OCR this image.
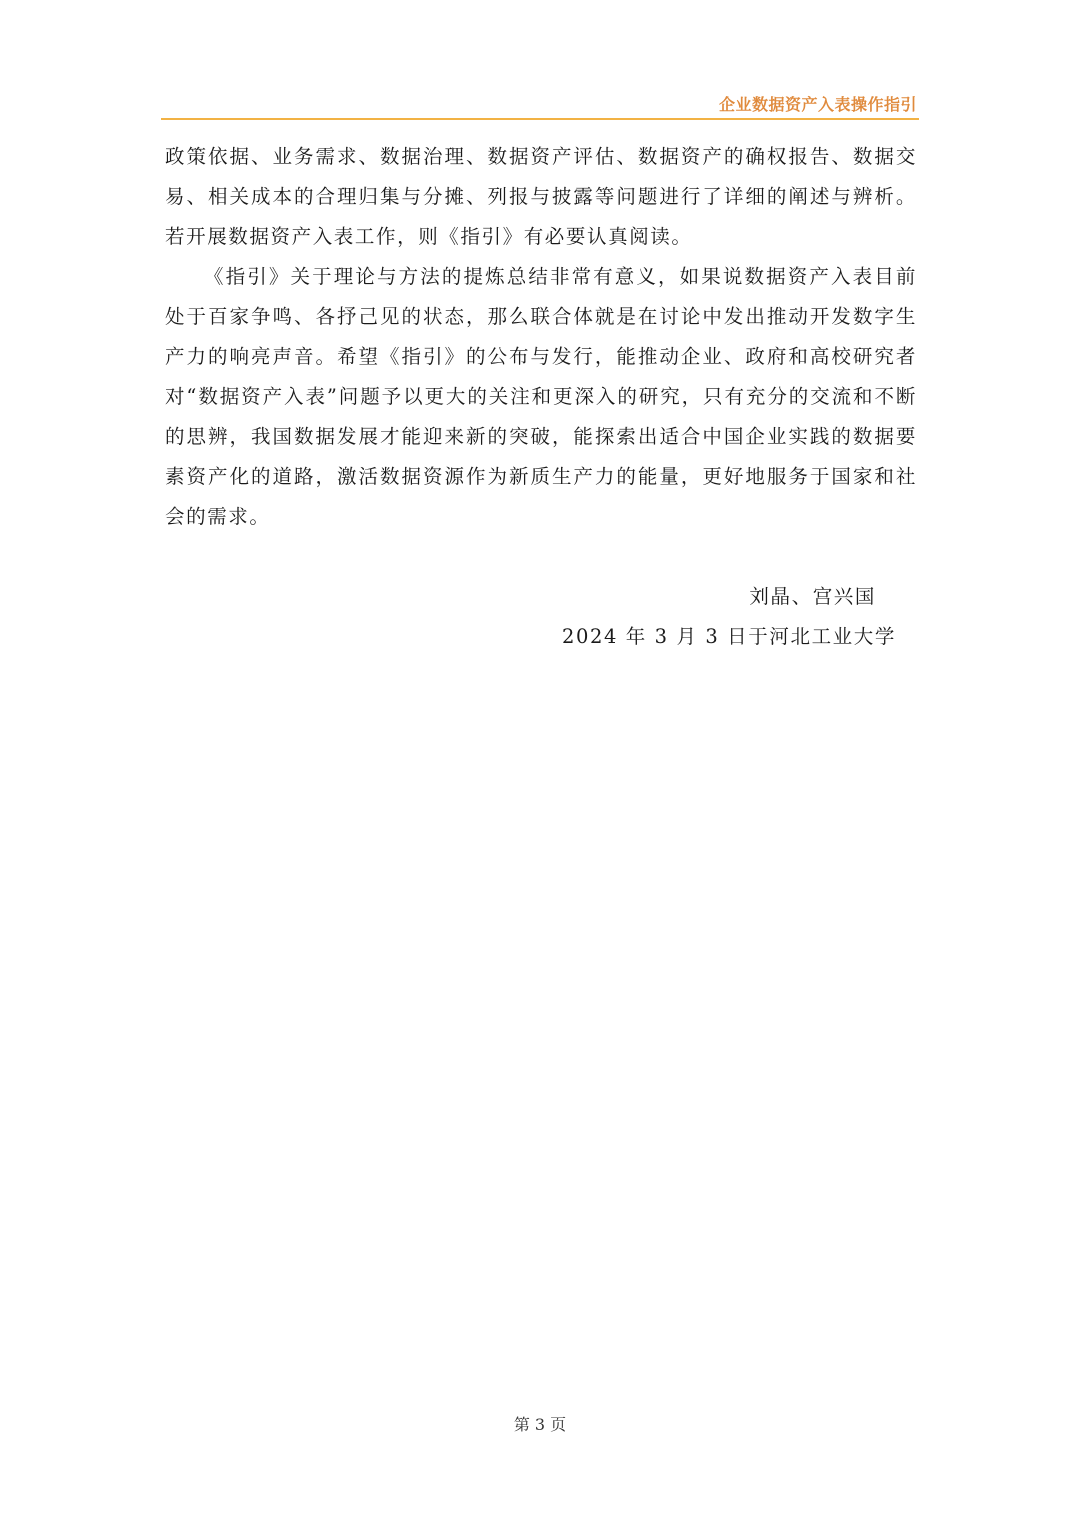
企业数据资产入表操作指引

政策依据、业务需求、数据治理、数据资产评估、数据资产的确权报告、数据交易、相关成本的合理归集与分摊、列报与披露等问题进行了详细的阐述与辨析。若开展数据资产入表工作，则《指引》有必要认真阅读。

《指引》关于理论与方法的提炼总结非常有意义，如果说数据资产入表目前处于百家争鸣、各抒己见的状态，那么联合体就是在讨论中发出推动开发数字生产力的响亮声音。希望《指引》的公布与发行，能推动企业、政府和高校研究者对“数据资产入表”问题予以更大的关注和更深入的研究，只有充分的交流和不断的思辨，我国数据发展才能迎来新的突破，能探索出适合中国企业实践的数据要素资产化的道路，激活数据资源作为新质生产力的能量，更好地服务于国家和社会的需求。

刘晶、宫兴国
2024 年 3 月 3 日于河北工业大学
第 3 页
